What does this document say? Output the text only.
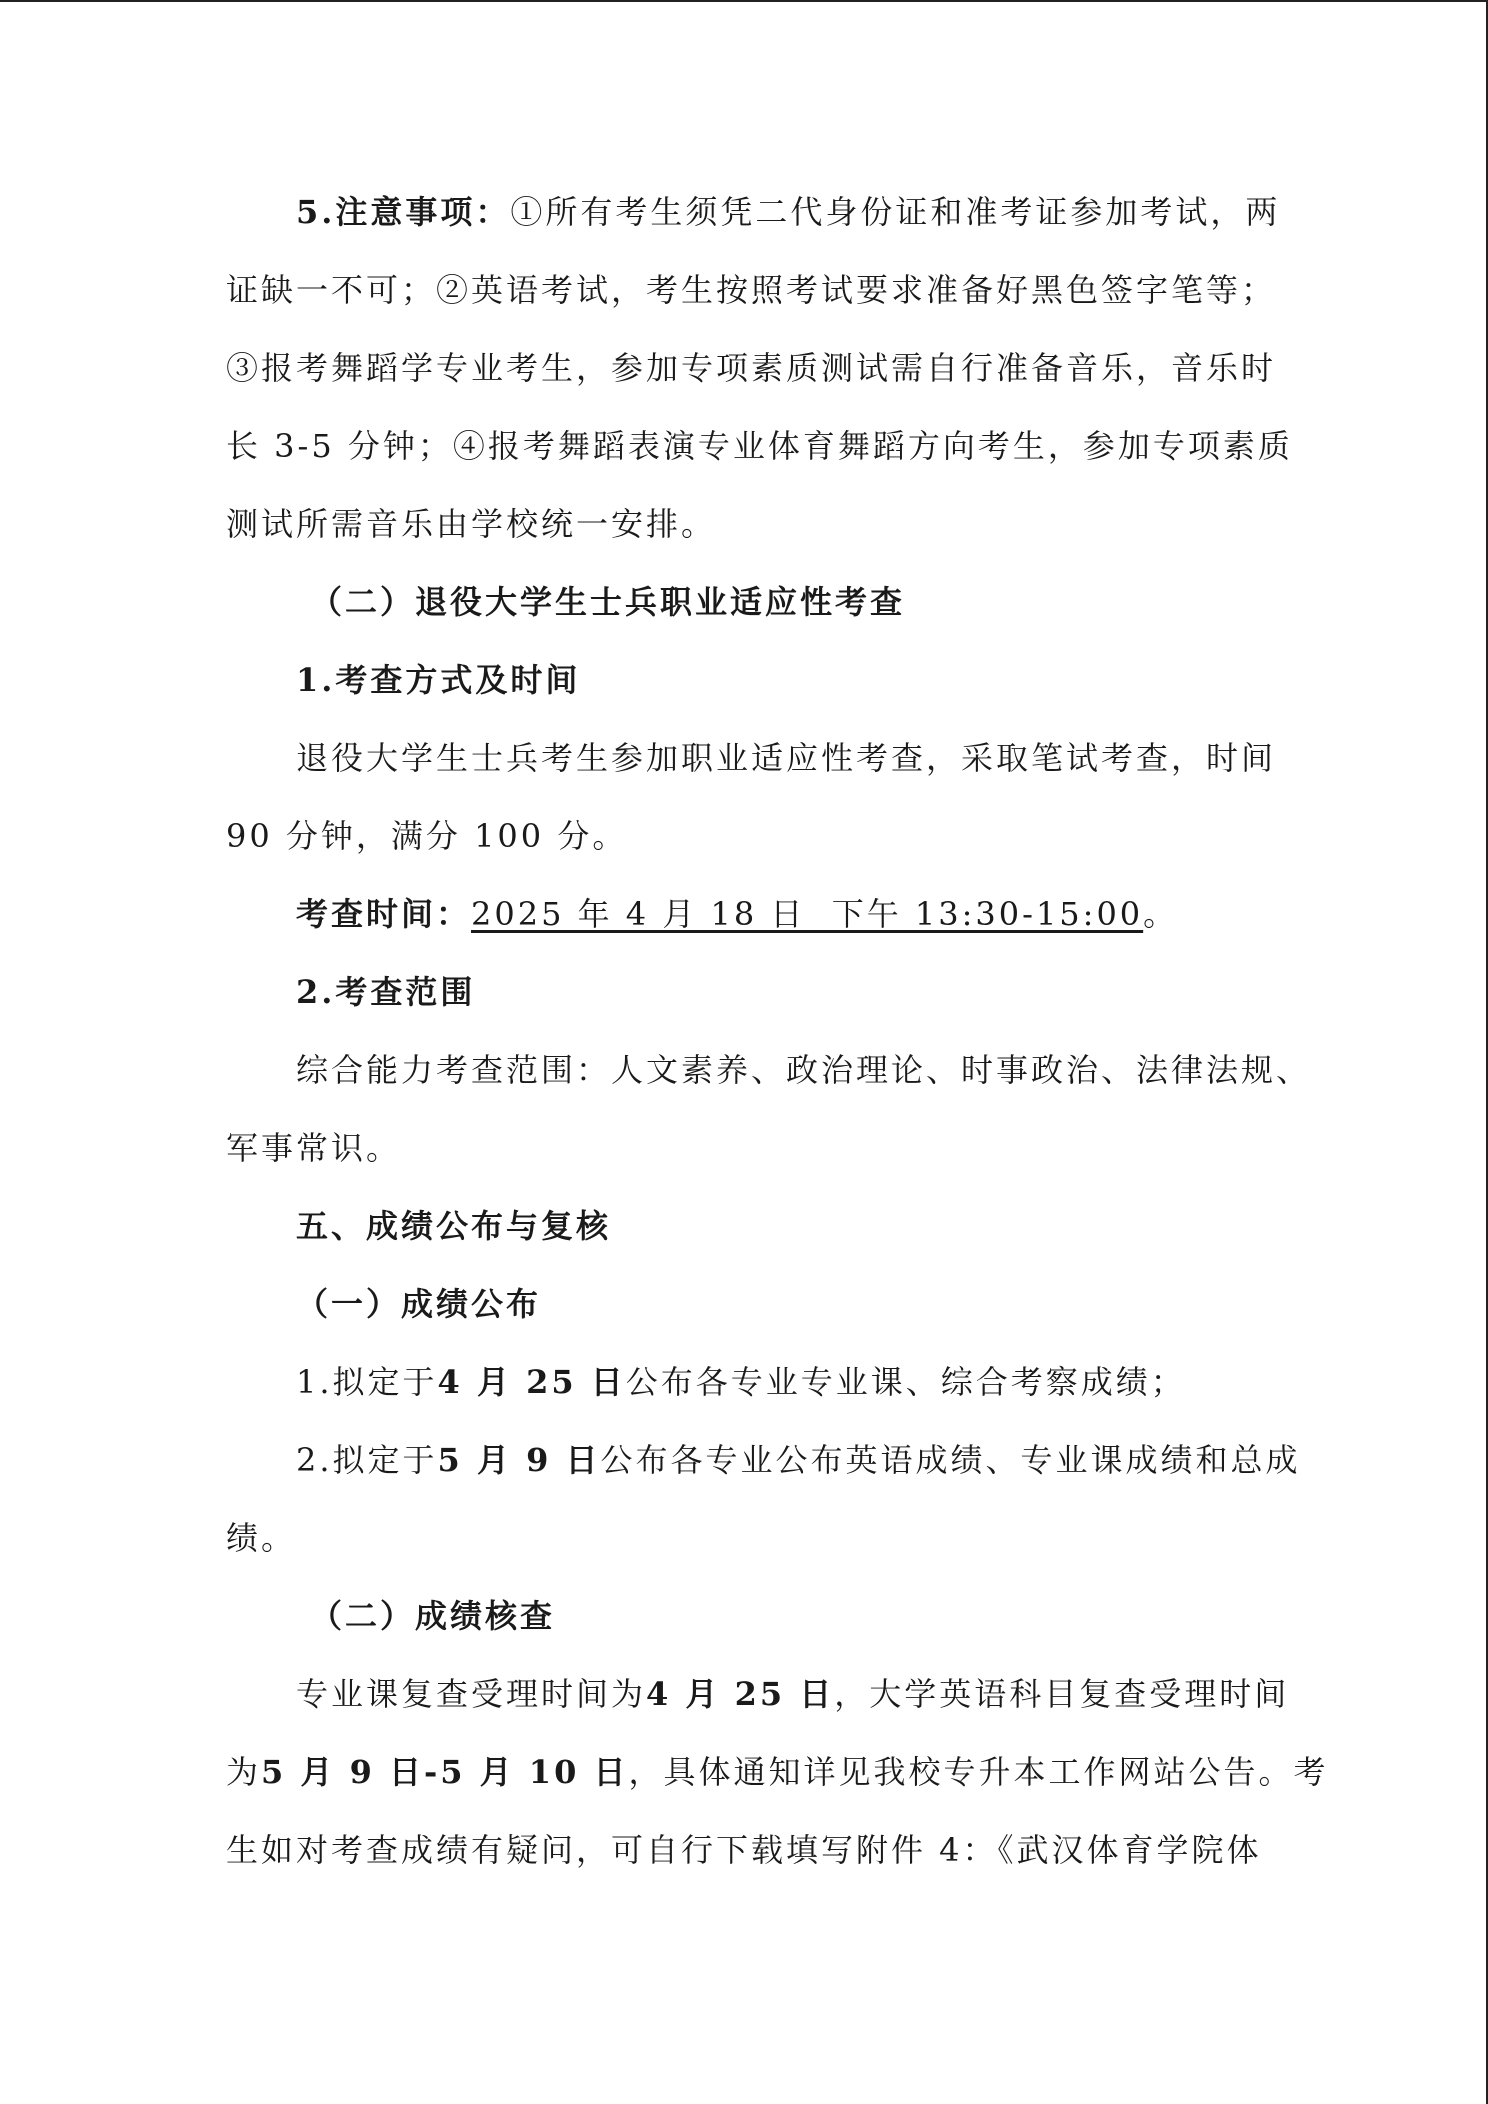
5.注意事项：①所有考生须凭二代身份证和准考证参加考试，两
证缺一不可；②英语考试，考生按照考试要求准备好黑色签字笔等；
③报考舞蹈学专业考生，参加专项素质测试需自行准备音乐，音乐时
长 3-5 分钟；④报考舞蹈表演专业体育舞蹈方向考生，参加专项素质
测试所需音乐由学校统一安排。
（二）退役大学生士兵职业适应性考查
1.考查方式及时间
退役大学生士兵考生参加职业适应性考查，采取笔试考查，时间
90 分钟，满分 100 分。
考查时间：2025 年 4 月 18 日  下午 13:30-15:00。
2.考查范围
综合能力考查范围：人文素养、政治理论、时事政治、法律法规、
军事常识。
五、成绩公布与复核
（一）成绩公布
1.拟定于4 月 25 日公布各专业专业课、综合考察成绩；
2.拟定于5 月 9 日公布各专业公布英语成绩、专业课成绩和总成
绩。
（二）成绩核查
专业课复查受理时间为4 月 25 日，大学英语科目复查受理时间
为5 月 9 日-5 月 10 日，具体通知详见我校专升本工作网站公告。考
生如对考查成绩有疑问，可自行下载填写附件 4：《武汉体育学院体
